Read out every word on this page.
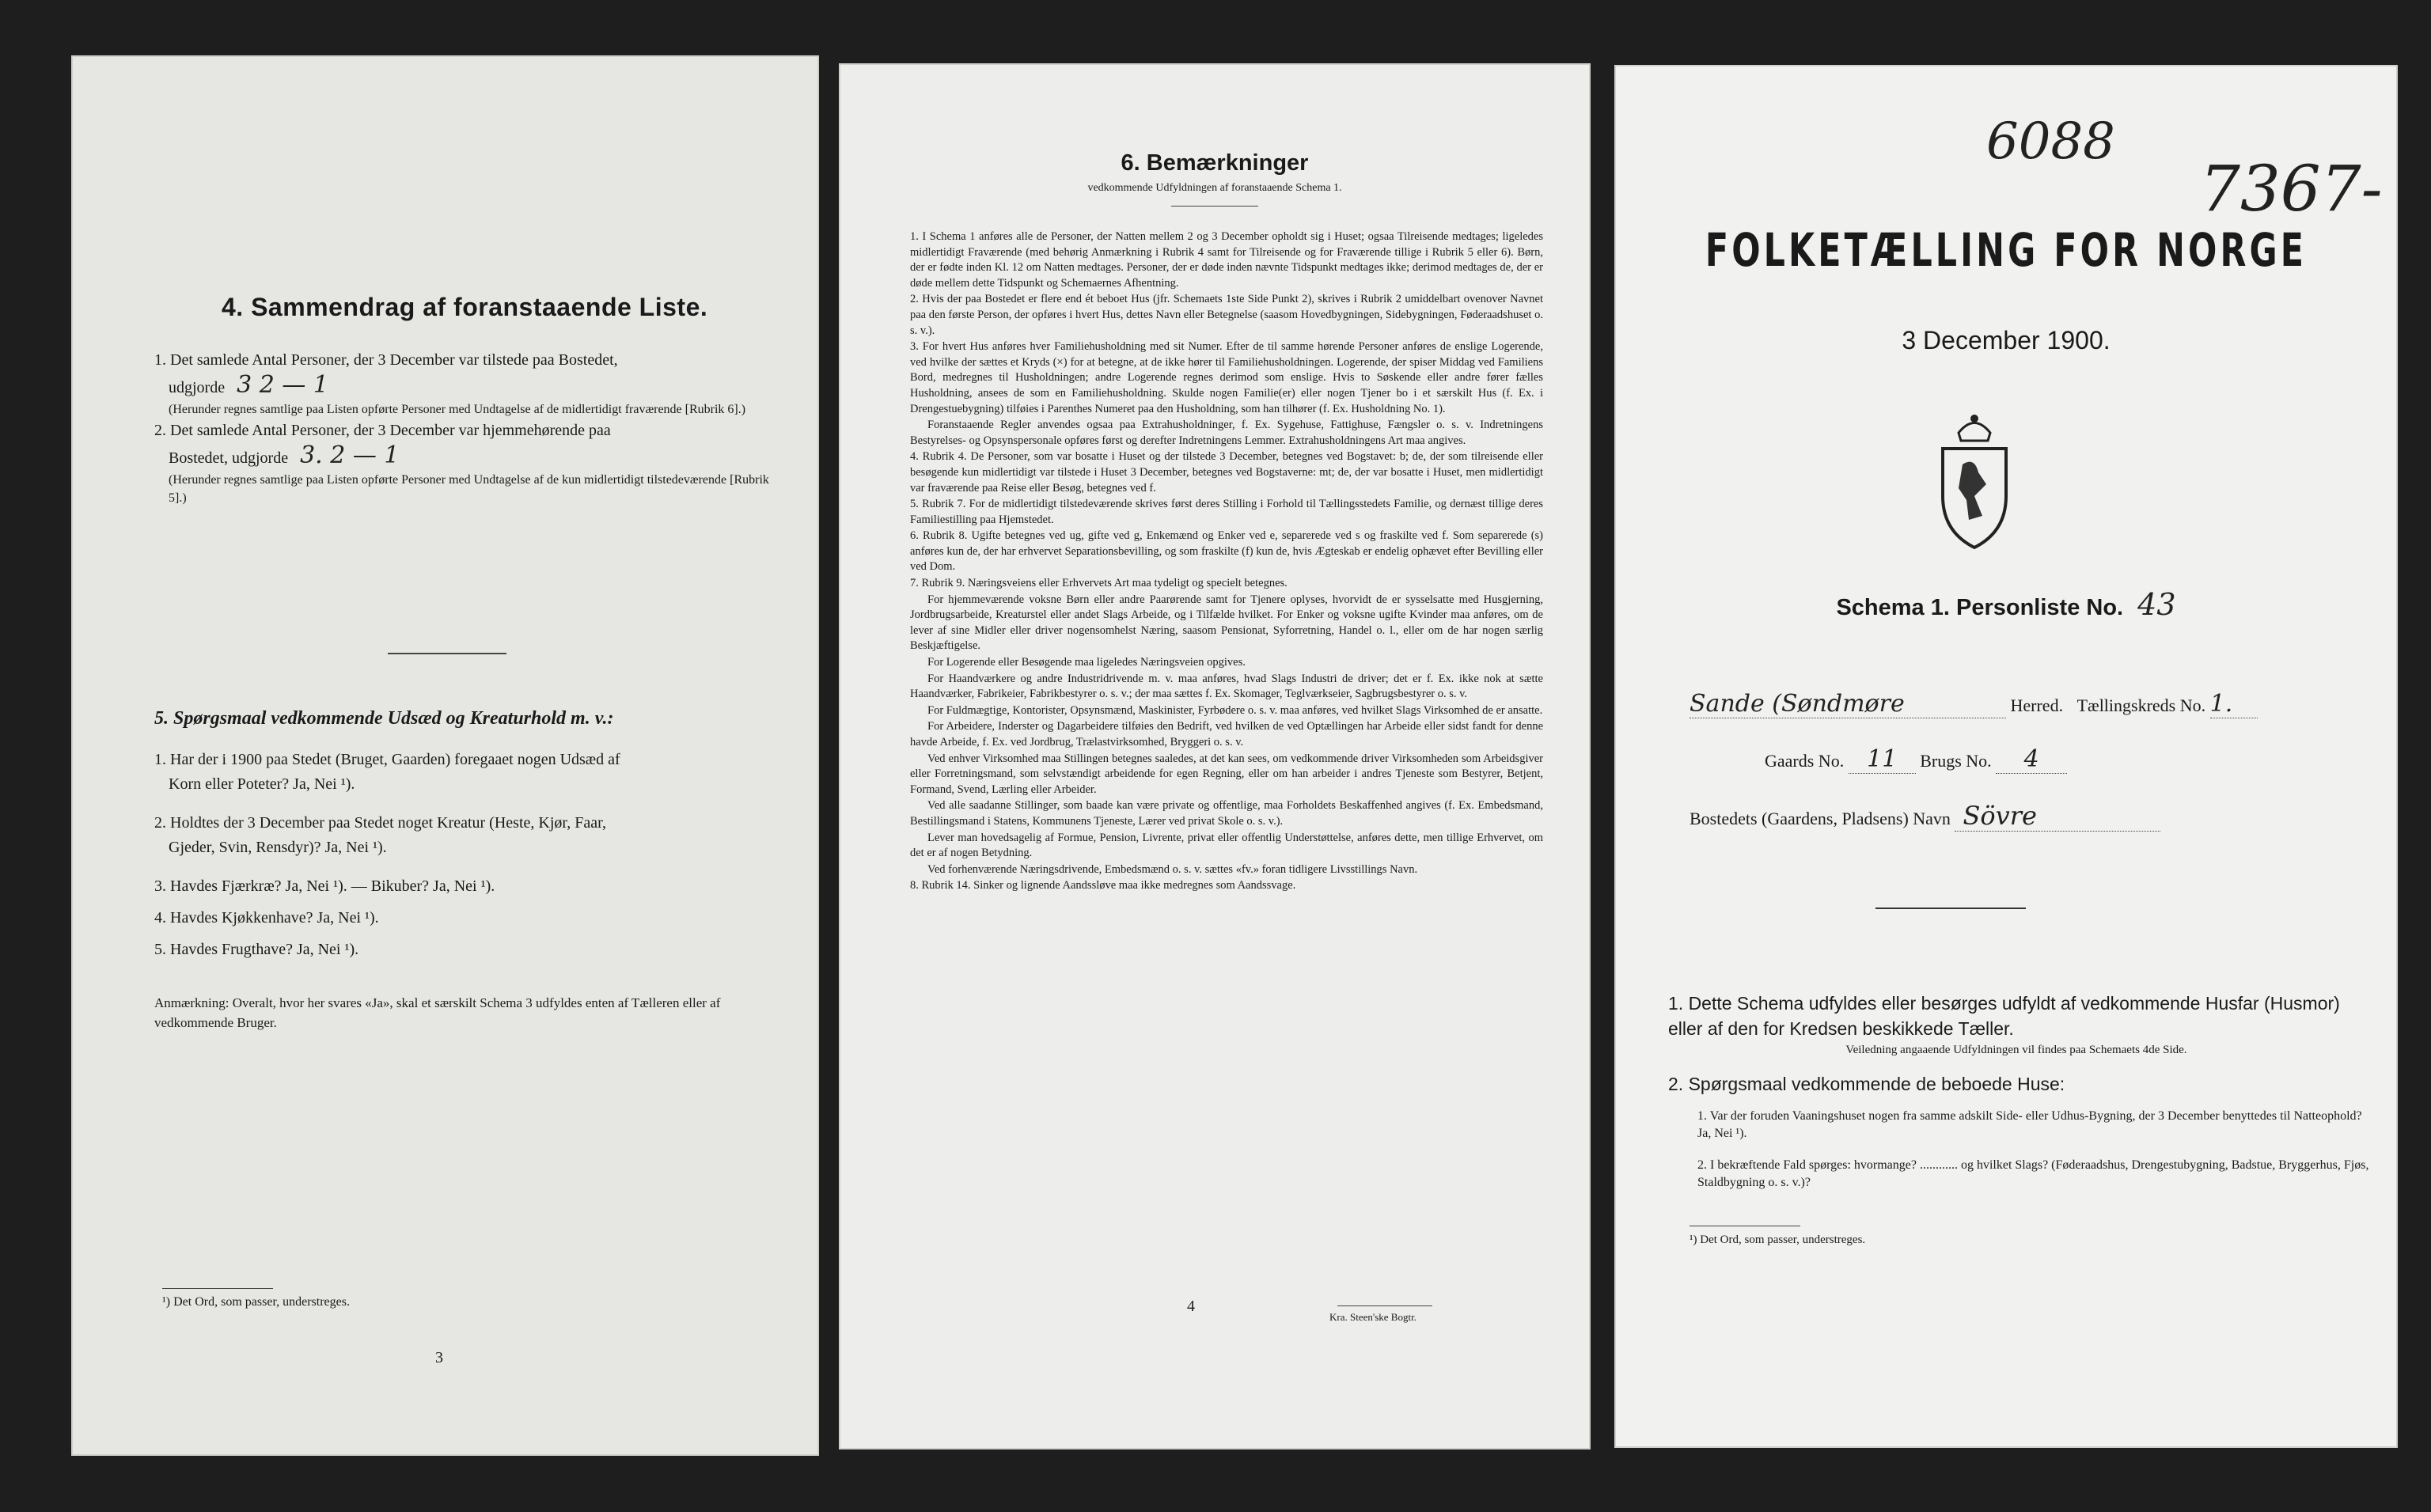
4. Sammendrag af foranstaaende Liste.
1. Det samlede Antal Personer, der 3 December var tilstede paa Bostedet,
udgjorde 3 2 — 1
(Herunder regnes samtlige paa Listen opførte Personer med Undtagelse af de midlertidigt fraværende [Rubrik 6].)
2. Det samlede Antal Personer, der 3 December var hjemmehørende paa
Bostedet, udgjorde 3. 2 — 1
(Herunder regnes samtlige paa Listen opførte Personer med Undtagelse af de kun midlertidigt tilstedeværende [Rubrik 5].)
5. Spørgsmaal vedkommende Udsæd og Kreaturhold m. v.:
1. Har der i 1900 paa Stedet (Bruget, Gaarden) foregaaet nogen Udsæd af
Korn eller Poteter? Ja, Nei ¹).
2. Holdtes der 3 December paa Stedet noget Kreatur (Heste, Kjør, Faar,
Gjeder, Svin, Rensdyr)? Ja, Nei ¹).
3. Havdes Fjærkræ? Ja, Nei ¹). — Bikuber? Ja, Nei ¹).
4. Havdes Kjøkkenhave? Ja, Nei ¹).
5. Havdes Frugthave? Ja, Nei ¹).
Anmærkning: Overalt, hvor her svares «Ja», skal et særskilt Schema 3 udfyldes enten af Tælleren eller af vedkommende Bruger.
¹) Det Ord, som passer, understreges.
3
6. Bemærkninger
vedkommende Udfyldningen af foranstaaende Schema 1.

1. I Schema 1 anføres alle de Personer, der Natten mellem 2 og 3 December opholdt sig i Huset; ogsaa Tilreisende medtages; ligeledes midlertidigt Fraværende (med behørig Anmærkning i Rubrik 4 samt for Tilreisende og for Fraværende tillige i Rubrik 5 eller 6). Børn, der er fødte inden Kl. 12 om Natten medtages. Personer, der er døde inden nævnte Tidspunkt medtages ikke; derimod medtages de, der er døde mellem dette Tidspunkt og Schemaernes Afhentning.

2. Hvis der paa Bostedet er flere end ét beboet Hus (jfr. Schemaets 1ste Side Punkt 2), skrives i Rubrik 2 umiddelbart ovenover Navnet paa den første Person, der opføres i hvert Hus, dettes Navn eller Betegnelse (saasom Hovedbygningen, Sidebygningen, Føderaadshuset o. s. v.).

3. For hvert Hus anføres hver Familiehusholdning med sit Numer. Efter de til samme hørende Personer anføres de enslige Logerende, ved hvilke der sættes et Kryds (×) for at betegne, at de ikke hører til Familiehusholdningen. Logerende, der spiser Middag ved Familiens Bord, medregnes til Husholdningen; andre Logerende regnes derimod som enslige. Hvis to Søskende eller andre fører fælles Husholdning, ansees de som en Familiehusholdning. Skulde nogen Familie(er) eller nogen Tjener bo i et særskilt Hus (f. Ex. i Drengestuebygning) tilføies i Parenthes Numeret paa den Husholdning, som han tilhører (f. Ex. Husholdning No. 1).

Foranstaaende Regler anvendes ogsaa paa Extrahusholdninger, f. Ex. Sygehuse, Fattighuse, Fængsler o. s. v. Indretningens Bestyrelses- og Opsynspersonale opføres først og derefter Indretningens Lemmer. Extrahusholdningens Art maa angives.

4. Rubrik 4. De Personer, som var bosatte i Huset og der tilstede 3 December, betegnes ved Bogstavet: b; de, der som tilreisende eller besøgende kun midlertidigt var tilstede i Huset 3 December, betegnes ved Bogstaverne: mt; de, der var bosatte i Huset, men midlertidigt var fraværende paa Reise eller Besøg, betegnes ved f.

5. Rubrik 7. For de midlertidigt tilstedeværende skrives først deres Stilling i Forhold til Tællingsstedets Familie, og dernæst tillige deres Familiestilling paa Hjemstedet.

6. Rubrik 8. Ugifte betegnes ved ug, gifte ved g, Enkemænd og Enker ved e, separerede ved s og fraskilte ved f. Som separerede (s) anføres kun de, der har erhvervet Separationsbevilling, og som fraskilte (f) kun de, hvis Ægteskab er endelig ophævet efter Bevilling eller ved Dom.

7. Rubrik 9. Næringsveiens eller Erhvervets Art maa tydeligt og specielt betegnes.

For hjemmeværende voksne Børn eller andre Paarørende samt for Tjenere oplyses, hvorvidt de er sysselsatte med Husgjerning, Jordbrugsarbeide, Kreaturstel eller andet Slags Arbeide, og i Tilfælde hvilket. For Enker og voksne ugifte Kvinder maa anføres, om de lever af sine Midler eller driver nogensomhelst Næring, saasom Pensionat, Syforretning, Handel o. l., eller om de har nogen særlig Beskjæftigelse.

For Logerende eller Besøgende maa ligeledes Næringsveien opgives.

For Haandværkere og andre Industridrivende m. v. maa anføres, hvad Slags Industri de driver; det er f. Ex. ikke nok at sætte Haandværker, Fabrikeier, Fabrikbestyrer o. s. v.; der maa sættes f. Ex. Skomager, Teglværkseier, Sagbrugsbestyrer o. s. v.

For Fuldmægtige, Kontorister, Opsynsmænd, Maskinister, Fyrbødere o. s. v. maa anføres, ved hvilket Slags Virksomhed de er ansatte.

For Arbeidere, Inderster og Dagarbeidere tilføies den Bedrift, ved hvilken de ved Optællingen har Arbeide eller sidst fandt for denne havde Arbeide, f. Ex. ved Jordbrug, Trælastvirksomhed, Bryggeri o. s. v.

Ved enhver Virksomhed maa Stillingen betegnes saaledes, at det kan sees, om vedkommende driver Virksomheden som Arbeidsgiver eller Forretningsmand, som selvstændigt arbeidende for egen Regning, eller om han arbeider i andres Tjeneste som Bestyrer, Betjent, Formand, Svend, Lærling eller Arbeider.

Ved alle saadanne Stillinger, som baade kan være private og offentlige, maa Forholdets Beskaffenhed angives (f. Ex. Embedsmand, Bestillingsmand i Statens, Kommunens Tjeneste, Lærer ved privat Skole o. s. v.).

Lever man hovedsagelig af Formue, Pension, Livrente, privat eller offentlig Understøttelse, anføres dette, men tillige Erhvervet, om det er af nogen Betydning.

Ved forhenværende Næringsdrivende, Embedsmænd o. s. v. sættes «fv.» foran tidligere Livsstillings Navn.

8. Rubrik 14. Sinker og lignende Aandssløve maa ikke medregnes som Aandssvage.

4
Kra. Steen'ske Bogtr.
6088
7367-
FOLKETÆLLING FOR NORGE
3 December 1900.
Schema 1. Personliste No. 43
Sande (Søndmøre	Herred. Tællingskreds No. 1.
Gaards No. 11 Brugs No. 4
Bostedets (Gaardens, Pladsens) Navn Sövre
1. Dette Schema udfyldes eller besørges udfyldt af vedkommende Husfar (Husmor) eller af den for Kredsen beskikkede Tæller.
Veiledning angaaende Udfyldningen vil findes paa Schemaets 4de Side.
2. Spørgsmaal vedkommende de beboede Huse:
1. Var der foruden Vaaningshuset nogen fra samme adskilt Side- eller Udhus-Bygning, der 3 December benyttedes til Natteophold? Ja, Nei ¹).
2. I bekræftende Fald spørges: hvormange? ............ og hvilket Slags? (Føderaadshus, Drengestubygning, Badstue, Bryggerhus, Fjøs, Staldbygning o. s. v.)?
¹) Det Ord, som passer, understreges.
